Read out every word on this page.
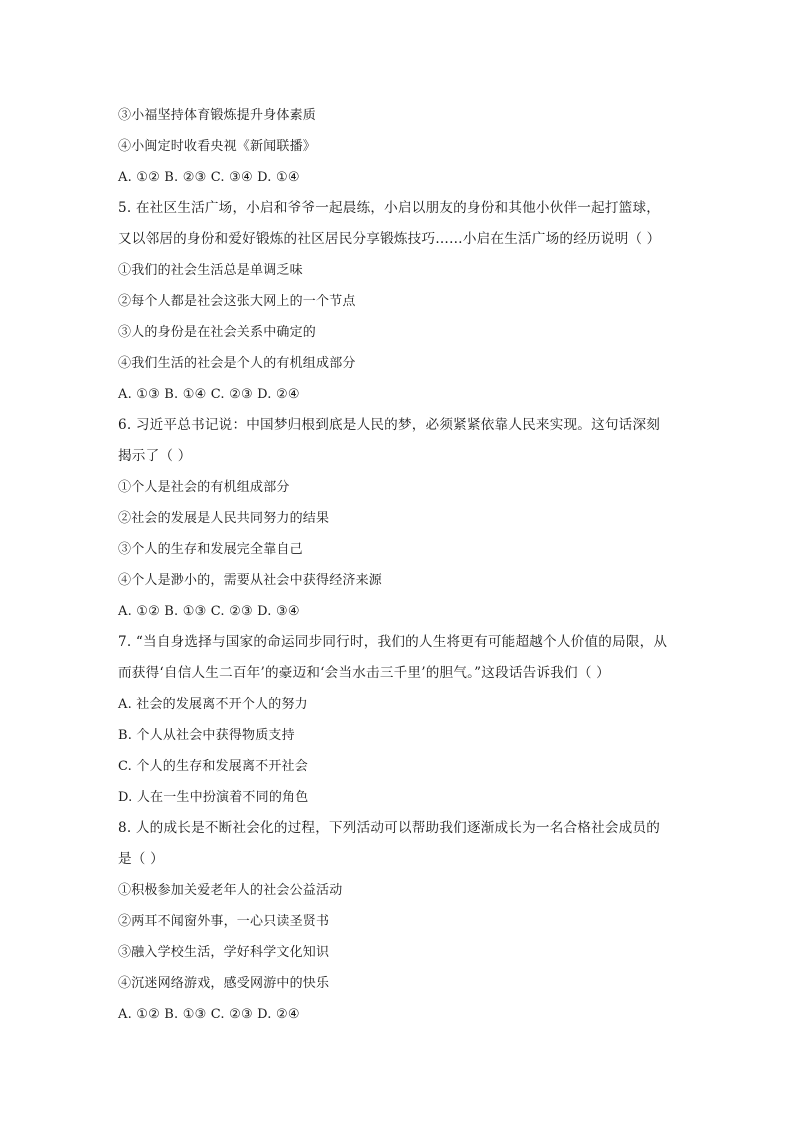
③小福坚持体育锻炼提升身体素质
④小闽定时收看央视《新闻联播》
A. ①② B. ②③ C. ③④ D. ①④
5. 在社区生活广场，小启和爷爷一起晨练，小启以朋友的身份和其他小伙伴一起打篮球，
又以邻居的身份和爱好锻炼的社区居民分享锻炼技巧……小启在生活广场的经历说明（ ）
①我们的社会生活总是单调乏味
②每个人都是社会这张大网上的一个节点
③人的身份是在社会关系中确定的
④我们生活的社会是个人的有机组成部分
A. ①③ B. ①④ C. ②③ D. ②④
6. 习近平总书记说：中国梦归根到底是人民的梦，必须紧紧依靠人民来实现。这句话深刻
揭示了（ ）
①个人是社会的有机组成部分
②社会的发展是人民共同努力的结果
③个人的生存和发展完全靠自己
④个人是渺小的，需要从社会中获得经济来源
A. ①② B. ①③ C. ②③ D. ③④
7. “当自身选择与国家的命运同步同行时，我们的人生将更有可能超越个人价值的局限，从
而获得‘自信人生二百年’的豪迈和‘会当水击三千里’的胆气。”这段话告诉我们（ ）
A. 社会的发展离不开个人的努力
B. 个人从社会中获得物质支持
C. 个人的生存和发展离不开社会
D. 人在一生中扮演着不同的角色
8. 人的成长是不断社会化的过程，下列活动可以帮助我们逐渐成长为一名合格社会成员的
是（ ）
①积极参加关爱老年人的社会公益活动
②两耳不闻窗外事，一心只读圣贤书
③融入学校生活，学好科学文化知识
④沉迷网络游戏，感受网游中的快乐
A. ①② B. ①③ C. ②③ D. ②④
